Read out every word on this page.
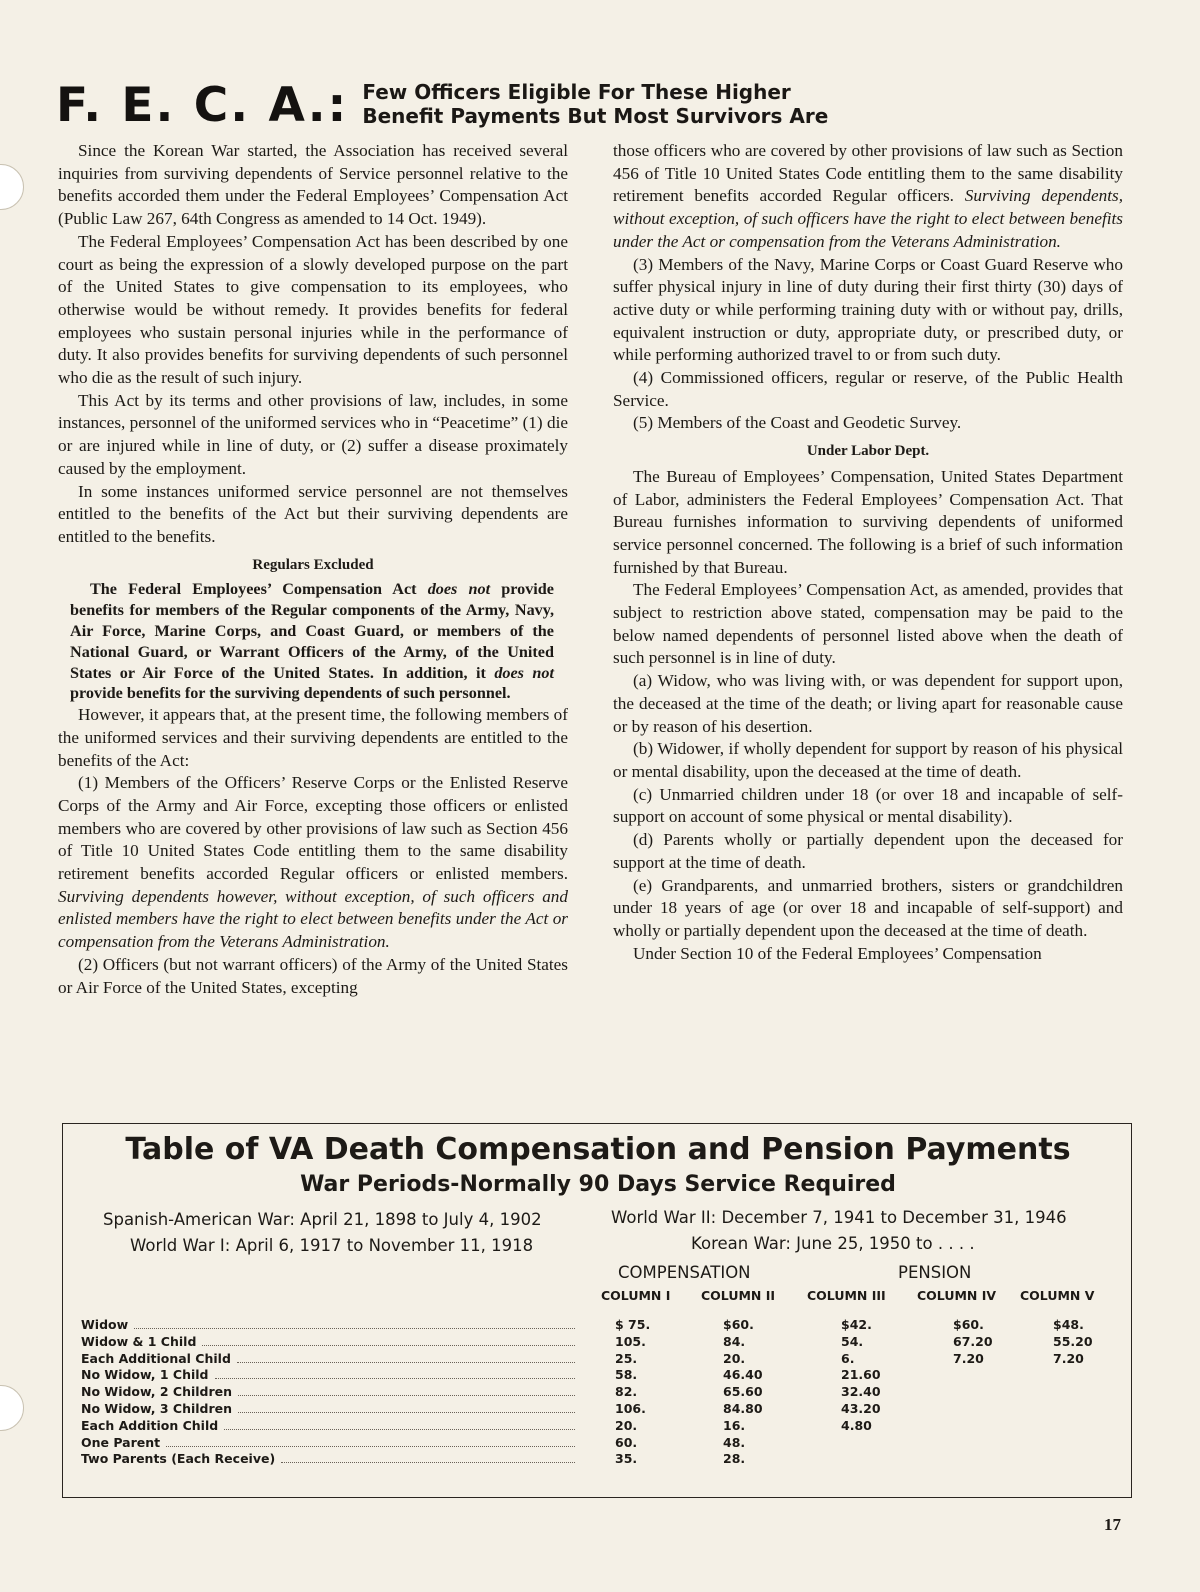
F. E. C. A.: Few Officers Eligible For These Higher
Benefit Payments But Most Survivors Are

Since the Korean War started, the Association has received several inquiries from surviving dependents of Service personnel relative to the benefits accorded them under the Federal Employees’ Compensation Act (Public Law 267, 64th Congress as amended to 14 Oct. 1949).

The Federal Employees’ Compensation Act has been described by one court as being the expression of a slowly developed purpose on the part of the United States to give compensation to its employees, who otherwise would be without remedy. It provides benefits for federal employees who sustain personal injuries while in the performance of duty. It also provides benefits for surviving dependents of such personnel who die as the result of such injury.

This Act by its terms and other provisions of law, includes, in some instances, personnel of the uniformed services who in “Peacetime” (1) die or are injured while in line of duty, or (2) suffer a disease proximately caused by the employment.

In some instances uniformed service personnel are not themselves entitled to the benefits of the Act but their surviving dependents are entitled to the benefits.

Regulars Excluded

The Federal Employees’ Compensation Act does not provide benefits for members of the Regular components of the Army, Navy, Air Force, Marine Corps, and Coast Guard, or members of the National Guard, or Warrant Officers of the Army, of the United States or Air Force of the United States. In addition, it does not provide benefits for the surviving dependents of such personnel.

However, it appears that, at the present time, the following members of the uniformed services and their surviving dependents are entitled to the benefits of the Act:

(1) Members of the Officers’ Reserve Corps or the Enlisted Reserve Corps of the Army and Air Force, excepting those officers or enlisted members who are covered by other provisions of law such as Section 456 of Title 10 United States Code entitling them to the same disability retirement benefits accorded Regular officers or enlisted members. Surviving dependents however, without exception, of such officers and enlisted members have the right to elect between benefits under the Act or compensation from the Veterans Administration.

(2) Officers (but not warrant officers) of the Army of the United States or Air Force of the United States, excepting

those officers who are covered by other provisions of law such as Section 456 of Title 10 United States Code entitling them to the same disability retirement benefits accorded Regular officers. Surviving dependents, without exception, of such officers have the right to elect between benefits under the Act or compensation from the Veterans Administration.

(3) Members of the Navy, Marine Corps or Coast Guard Reserve who suffer physical injury in line of duty during their first thirty (30) days of active duty or while performing training duty with or without pay, drills, equivalent instruction or duty, appropriate duty, or prescribed duty, or while performing authorized travel to or from such duty.

(4) Commissioned officers, regular or reserve, of the Public Health Service.

(5) Members of the Coast and Geodetic Survey.

Under Labor Dept.

The Bureau of Employees’ Compensation, United States Department of Labor, administers the Federal Employees’ Compensation Act. That Bureau furnishes information to surviving dependents of uniformed service personnel concerned. The following is a brief of such information furnished by that Bureau.

The Federal Employees’ Compensation Act, as amended, provides that subject to restriction above stated, compensation may be paid to the below named dependents of personnel listed above when the death of such personnel is in line of duty.

(a) Widow, who was living with, or was dependent for support upon, the deceased at the time of the death; or living apart for reasonable cause or by reason of his desertion.

(b) Widower, if wholly dependent for support by reason of his physical or mental disability, upon the deceased at the time of death.

(c) Unmarried children under 18 (or over 18 and incapable of self-support on account of some physical or mental disability).

(d) Parents wholly or partially dependent upon the deceased for support at the time of death.

(e) Grandparents, and unmarried brothers, sisters or grandchildren under 18 years of age (or over 18 and incapable of self-support) and wholly or partially dependent upon the deceased at the time of death.

Under Section 10 of the Federal Employees’ Compensation

Table of VA Death Compensation and Pension Payments
War Periods-Normally 90 Days Service Required
Spanish-American War: April 21, 1898 to July 4, 1902
World War I: April 6, 1917 to November 11, 1918
World War II: December 7, 1941 to December 31, 1946
Korean War: June 25, 1950 to . . . .
COMPENSATION	PENSION
COLUMN I COLUMN II	COLUMN III	COLUMN IV COLUMN V
Widow	$ 75.	$60.	$42.	$60.	$48.
Widow & 1 Child	105.	84.	54.	67.20	55.20
Each Additional Child	25.	20.	6.	7.20	7.20
No Widow, 1 Child	58.	46.40	21.60
No Widow, 2 Children	82.	65.60	32.40
No Widow, 3 Children	106.	84.80	43.20
Each Addition Child	20.	16.	4.80
One Parent	60.	48.
Two Parents (Each Receive)	35.	28.
17
